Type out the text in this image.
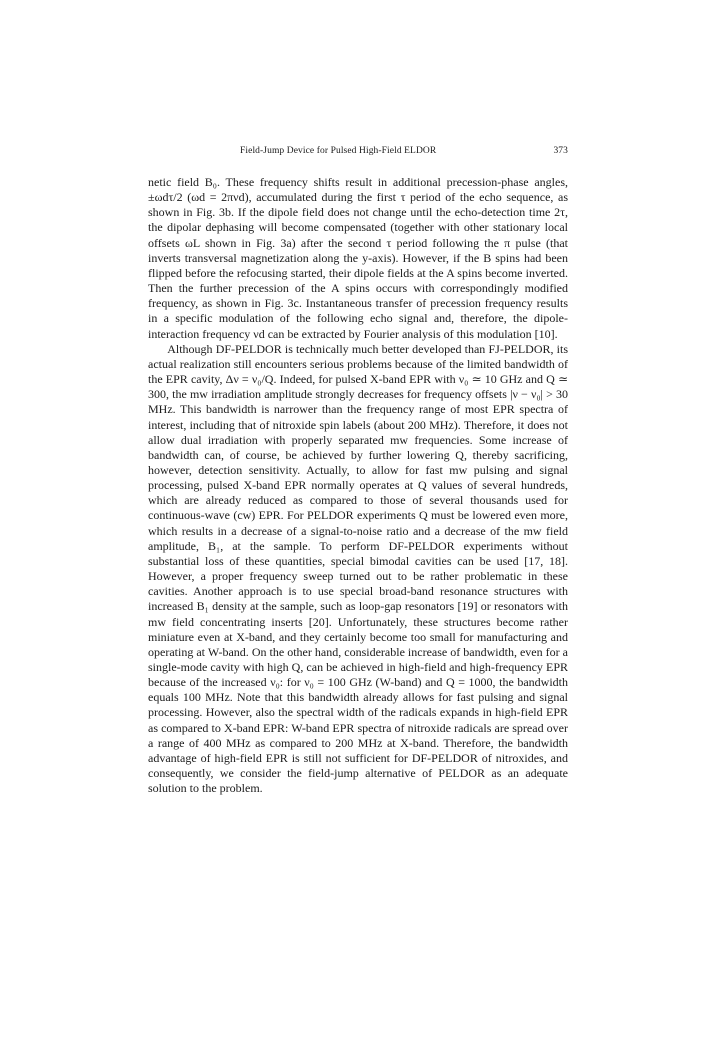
Field-Jump Device for Pulsed High-Field ELDOR	373

netic field B₀. These frequency shifts result in additional precession-phase angles, ±ωdτ/2 (ωd = 2πνd), accumulated during the first τ period of the echo sequence, as shown in Fig. 3b. If the dipole field does not change until the echo-detection time 2τ, the dipolar dephasing will become compensated (together with other stationary local offsets ωL shown in Fig. 3a) after the second τ period following the π pulse (that inverts transversal magnetization along the y-axis). However, if the B spins had been flipped before the refocusing started, their dipole fields at the A spins become inverted. Then the further precession of the A spins occurs with correspondingly modified frequency, as shown in Fig. 3c. Instantaneous transfer of precession frequency results in a specific modulation of the following echo signal and, therefore, the dipole-interaction frequency νd can be extracted by Fourier analysis of this modulation [10].

Although DF-PELDOR is technically much better developed than FJ-PELDOR, its actual realization still encounters serious problems because of the limited bandwidth of the EPR cavity, Δν = ν₀/Q. Indeed, for pulsed X-band EPR with ν₀ ≃ 10 GHz and Q ≃ 300, the mw irradiation amplitude strongly decreases for frequency offsets |ν − ν₀| > 30 MHz. This bandwidth is narrower than the frequency range of most EPR spectra of interest, including that of nitroxide spin labels (about 200 MHz). Therefore, it does not allow dual irradiation with properly separated mw frequencies. Some increase of bandwidth can, of course, be achieved by further lowering Q, thereby sacrificing, however, detection sensitivity. Actually, to allow for fast mw pulsing and signal processing, pulsed X-band EPR normally operates at Q values of several hundreds, which are already reduced as compared to those of several thousands used for continuous-wave (cw) EPR. For PELDOR experiments Q must be lowered even more, which results in a decrease of a signal-to-noise ratio and a decrease of the mw field amplitude, B₁, at the sample. To perform DF-PELDOR experiments without substantial loss of these quantities, special bimodal cavities can be used [17, 18]. However, a proper frequency sweep turned out to be rather problematic in these cavities. Another approach is to use special broad-band resonance structures with increased B₁ density at the sample, such as loop-gap resonators [19] or resonators with mw field concentrating inserts [20]. Unfortunately, these structures become rather miniature even at X-band, and they certainly become too small for manufacturing and operating at W-band. On the other hand, considerable increase of bandwidth, even for a single-mode cavity with high Q, can be achieved in high-field and high-frequency EPR because of the increased ν₀: for ν₀ = 100 GHz (W-band) and Q = 1000, the bandwidth equals 100 MHz. Note that this bandwidth already allows for fast pulsing and signal processing. However, also the spectral width of the radicals expands in high-field EPR as compared to X-band EPR: W-band EPR spectra of nitroxide radicals are spread over a range of 400 MHz as compared to 200 MHz at X-band. Therefore, the bandwidth advantage of high-field EPR is still not sufficient for DF-PELDOR of nitroxides, and consequently, we consider the field-jump alternative of PELDOR as an adequate solution to the problem.
